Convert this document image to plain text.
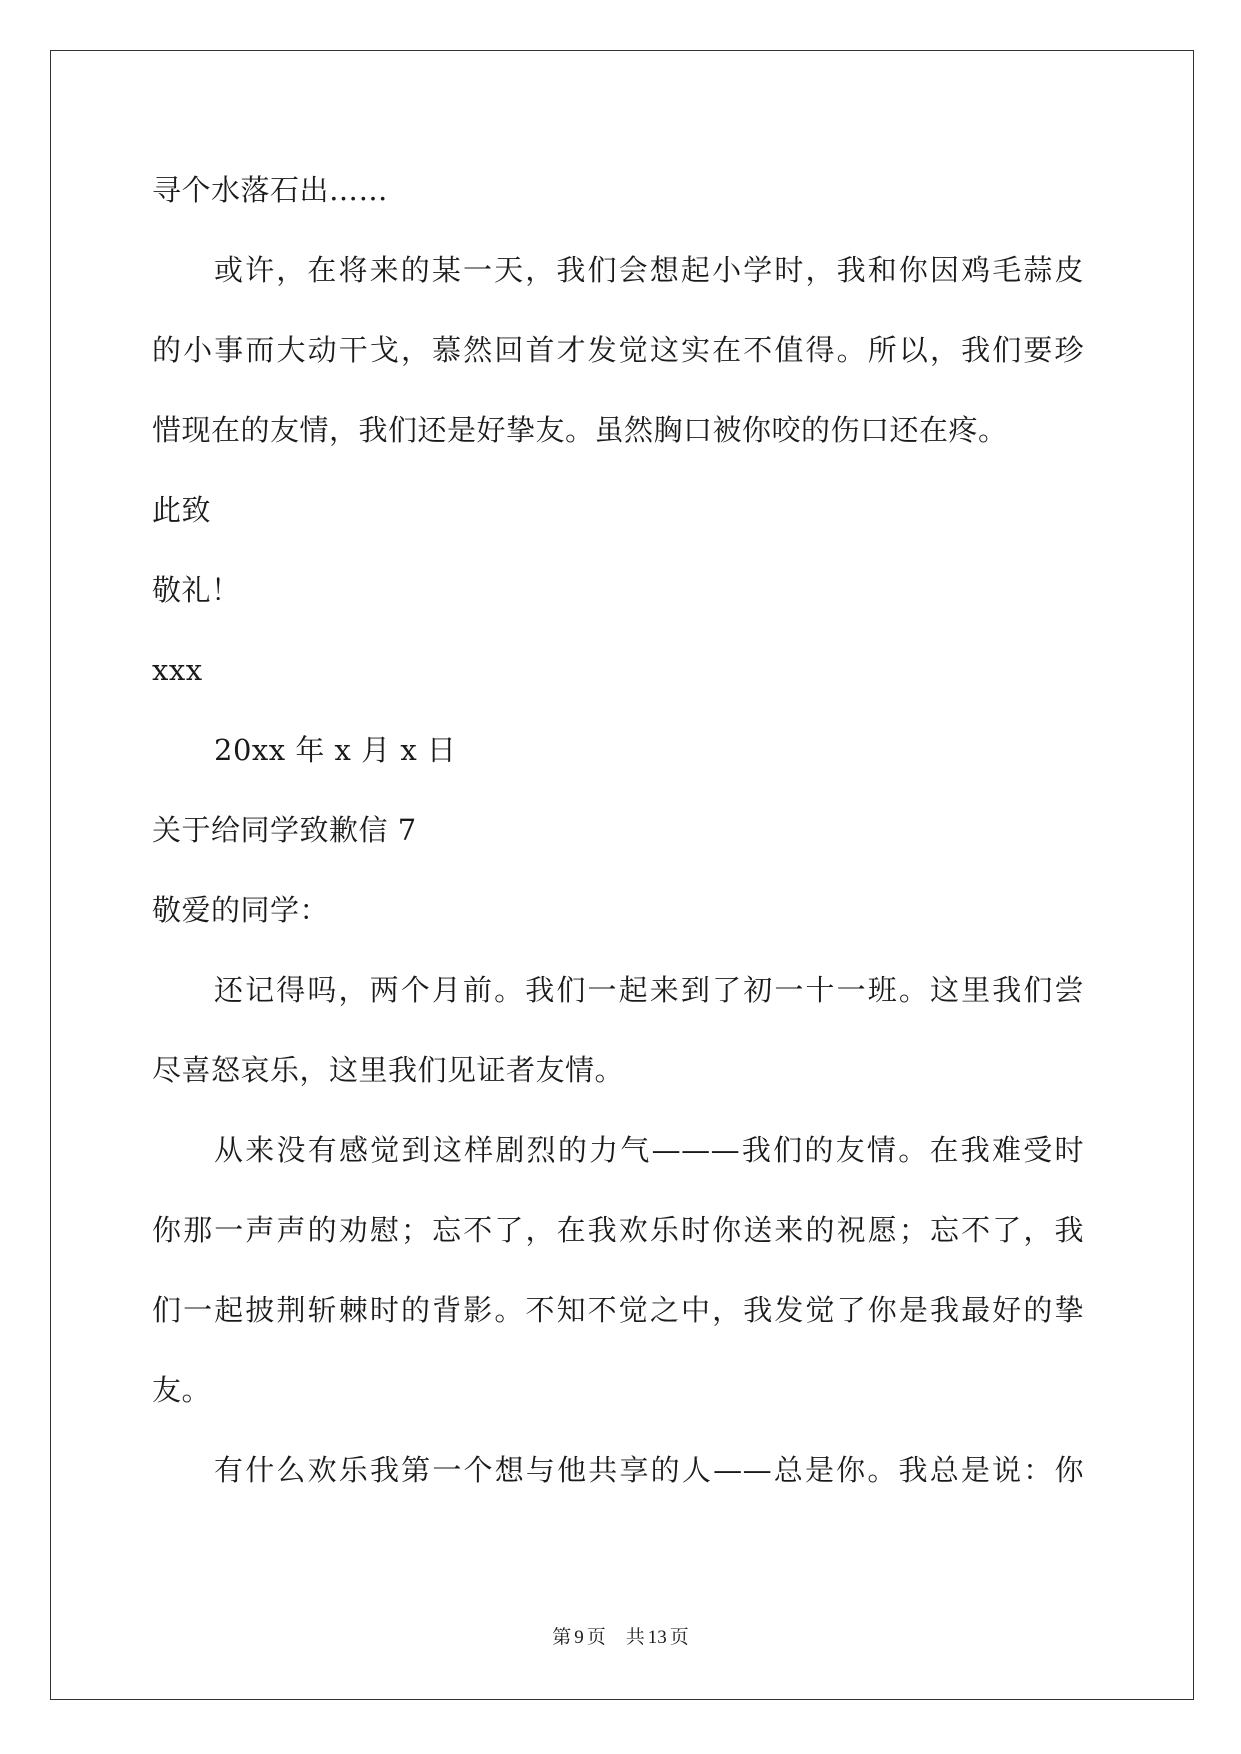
寻个水落石出……
或许，在将来的某一天，我们会想起小学时，我和你因鸡毛蒜皮
的小事而大动干戈，慕然回首才发觉这实在不值得。所以，我们要珍
惜现在的友情，我们还是好挚友。虽然胸口被你咬的伤口还在疼。
此致
敬礼！
xxx
20xx 年 x 月 x 日
关于给同学致歉信 7
敬爱的同学：
还记得吗，两个月前。我们一起来到了初一十一班。这里我们尝
尽喜怒哀乐，这里我们见证者友情。
从来没有感觉到这样剧烈的力气———我们的友情。在我难受时
你那一声声的劝慰；忘不了，在我欢乐时你送来的祝愿；忘不了，我
们一起披荆斩棘时的背影。不知不觉之中，我发觉了你是我最好的挚
友。
有什么欢乐我第一个想与他共享的人——总是你。我总是说：你
第 9 页 共 13 页
